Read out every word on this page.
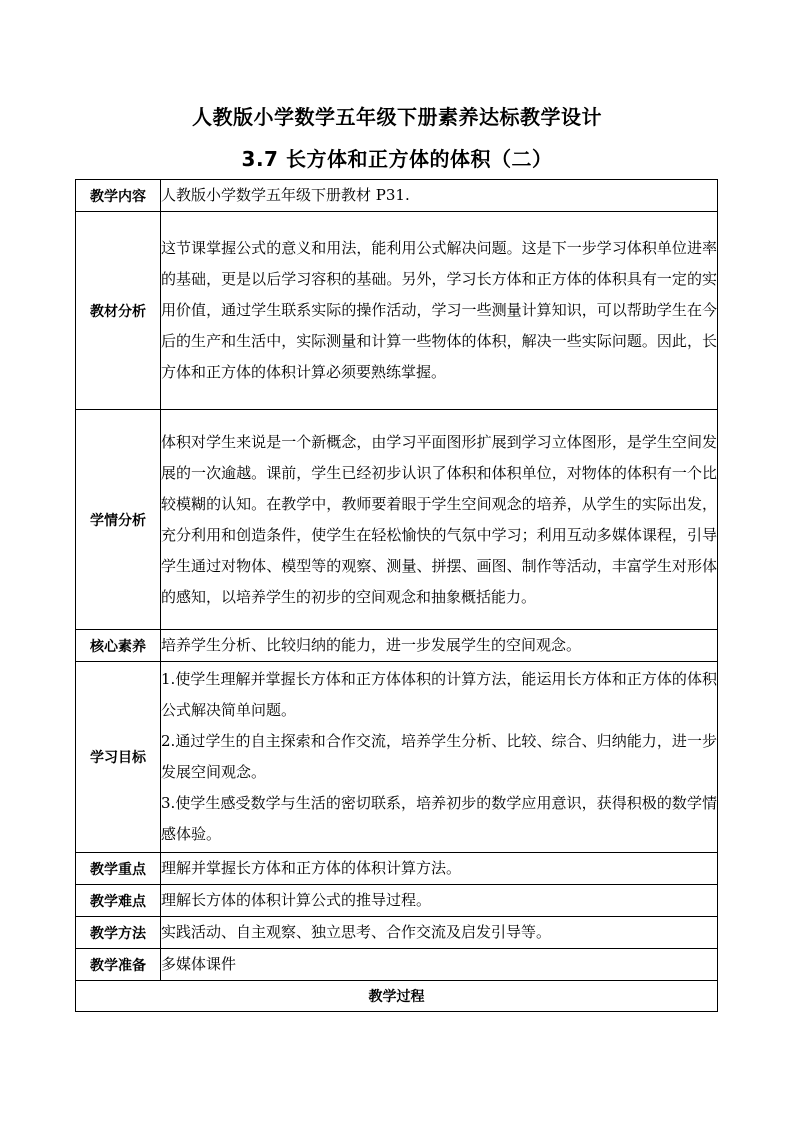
人教版小学数学五年级下册素养达标教学设计
3.7 长方体和正方体的体积（二）
教学内容	人教版小学数学五年级下册教材 P31.

教材分析	这节课掌握公式的意义和用法，能利用公式解决问题。这是下一步学习体积单位进率的基础，更是以后学习容积的基础。另外，学习长方体和正方体的体积具有一定的实用价值，通过学生联系实际的操作活动，学习一些测量计算知识，可以帮助学生在今后的生产和生活中，实际测量和计算一些物体的体积，解决一些实际问题。因此，长方体和正方体的体积计算必须要熟练掌握。

学情分析	体积对学生来说是一个新概念，由学习平面图形扩展到学习立体图形，是学生空间发展的一次逾越。课前，学生已经初步认识了体积和体积单位，对物体的体积有一个比较模糊的认知。在教学中，教师要着眼于学生空间观念的培养，从学生的实际出发，充分利用和创造条件，使学生在轻松愉快的气氛中学习；利用互动多媒体课程，引导学生通过对物体、模型等的观察、测量、拼摆、画图、制作等活动，丰富学生对形体的感知，以培养学生的初步的空间观念和抽象概括能力。

核心素养	培养学生分析、比较归纳的能力，进一步发展学生的空间观念。

学习目标	1.使学生理解并掌握长方体和正方体体积的计算方法，能运用长方体和正方体的体积公式解决简单问题。
2.通过学生的自主探索和合作交流，培养学生分析、比较、综合、归纳能力，进一步发展空间观念。
3.使学生感受数学与生活的密切联系，培养初步的数学应用意识，获得积极的数学情感体验。

教学重点	理解并掌握长方体和正方体的体积计算方法。

教学难点	理解长方体的体积计算公式的推导过程。

教学方法	实践活动、自主观察、独立思考、合作交流及启发引导等。

教学准备	多媒体课件

教学过程	
